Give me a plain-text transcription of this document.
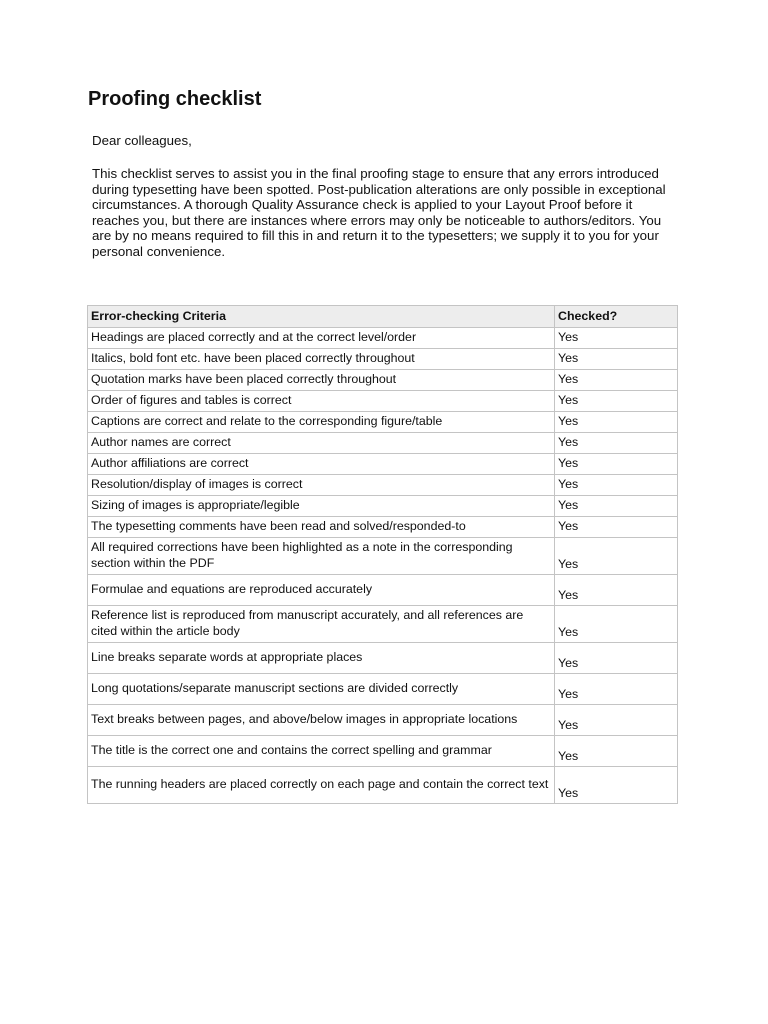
Proofing checklist

Dear colleagues,

This checklist serves to assist you in the final proofing stage to ensure that any errors introduced during typesetting have been spotted. Post-publication alterations are only possible in exceptional circumstances. A thorough Quality Assurance check is applied to your Layout Proof before it reaches you, but there are instances where errors may only be noticeable to authors/editors. You are by no means required to fill this in and return it to the typesetters; we supply it to you for your personal convenience.

Error-checking Criteria	Checked?
Headings are placed correctly and at the correct level/order	Yes
Italics, bold font etc. have been placed correctly throughout	Yes
Quotation marks have been placed correctly throughout	Yes
Order of figures and tables is correct	Yes
Captions are correct and relate to the corresponding figure/table	Yes
Author names are correct	Yes
Author affiliations are correct	Yes
Resolution/display of images is correct	Yes
Sizing of images is appropriate/legible	Yes
The typesetting comments have been read and solved/responded-to	Yes
All required corrections have been highlighted as a note in the corresponding section within the PDF	Yes
Formulae and equations are reproduced accurately	Yes
Reference list is reproduced from manuscript accurately, and all references are cited within the article body	Yes
Line breaks separate words at appropriate places	Yes
Long quotations/separate manuscript sections are divided correctly	Yes
Text breaks between pages, and above/below images in appropriate locations	Yes
The title is the correct one and contains the correct spelling and grammar	Yes
The running headers are placed correctly on each page and contain the correct text	Yes
